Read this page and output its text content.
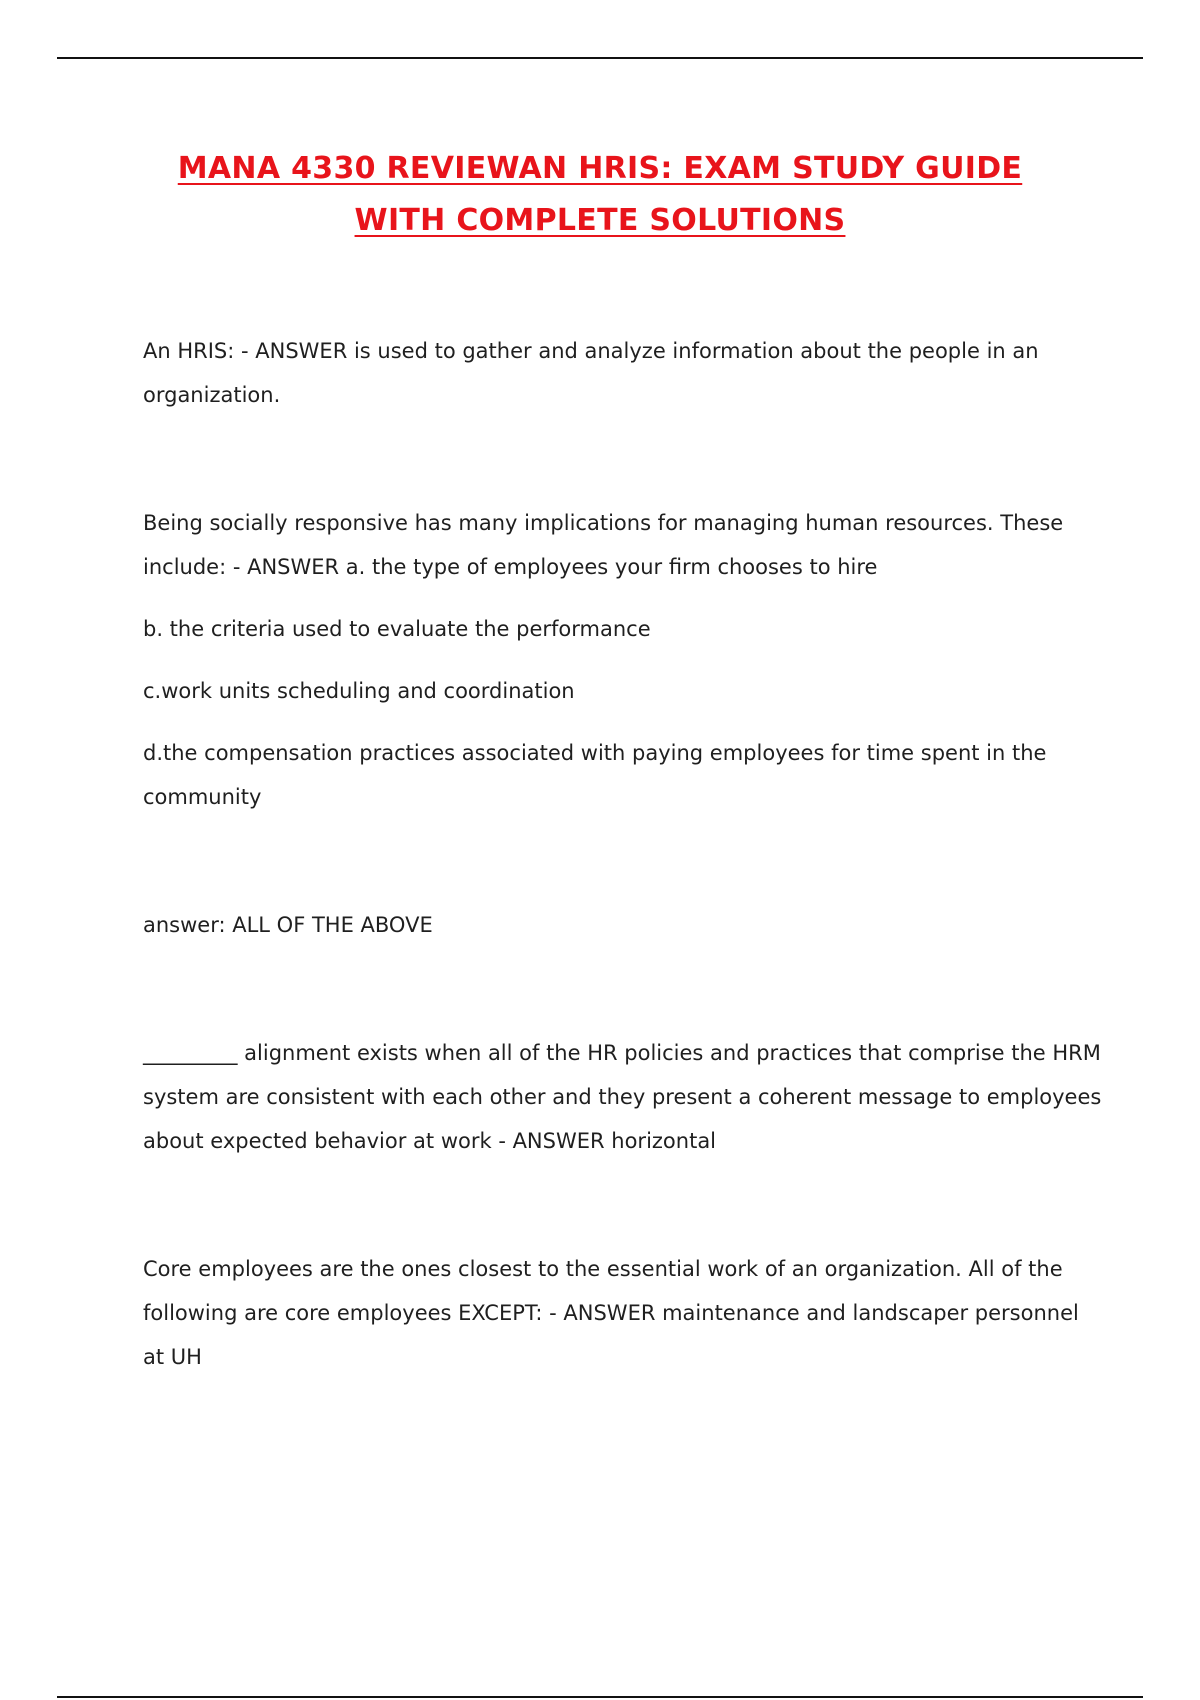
MANA 4330 REVIEWAN HRIS: EXAM STUDY GUIDE
WITH COMPLETE SOLUTIONS

An HRIS: - ANSWER is used to gather and analyze information about the people in an organization.

Being socially responsive has many implications for managing human resources. These include: - ANSWER a. the type of employees your firm chooses to hire

b. the criteria used to evaluate the performance

c.work units scheduling and coordination

d.the compensation practices associated with paying employees for time spent in the community

answer: ALL OF THE ABOVE

_________ alignment exists when all of the HR policies and practices that comprise the HRM system are consistent with each other and they present a coherent message to employees about expected behavior at work - ANSWER horizontal

Core employees are the ones closest to the essential work of an organization. All of the following are core employees EXCEPT: - ANSWER maintenance and landscaper personnel at UH
